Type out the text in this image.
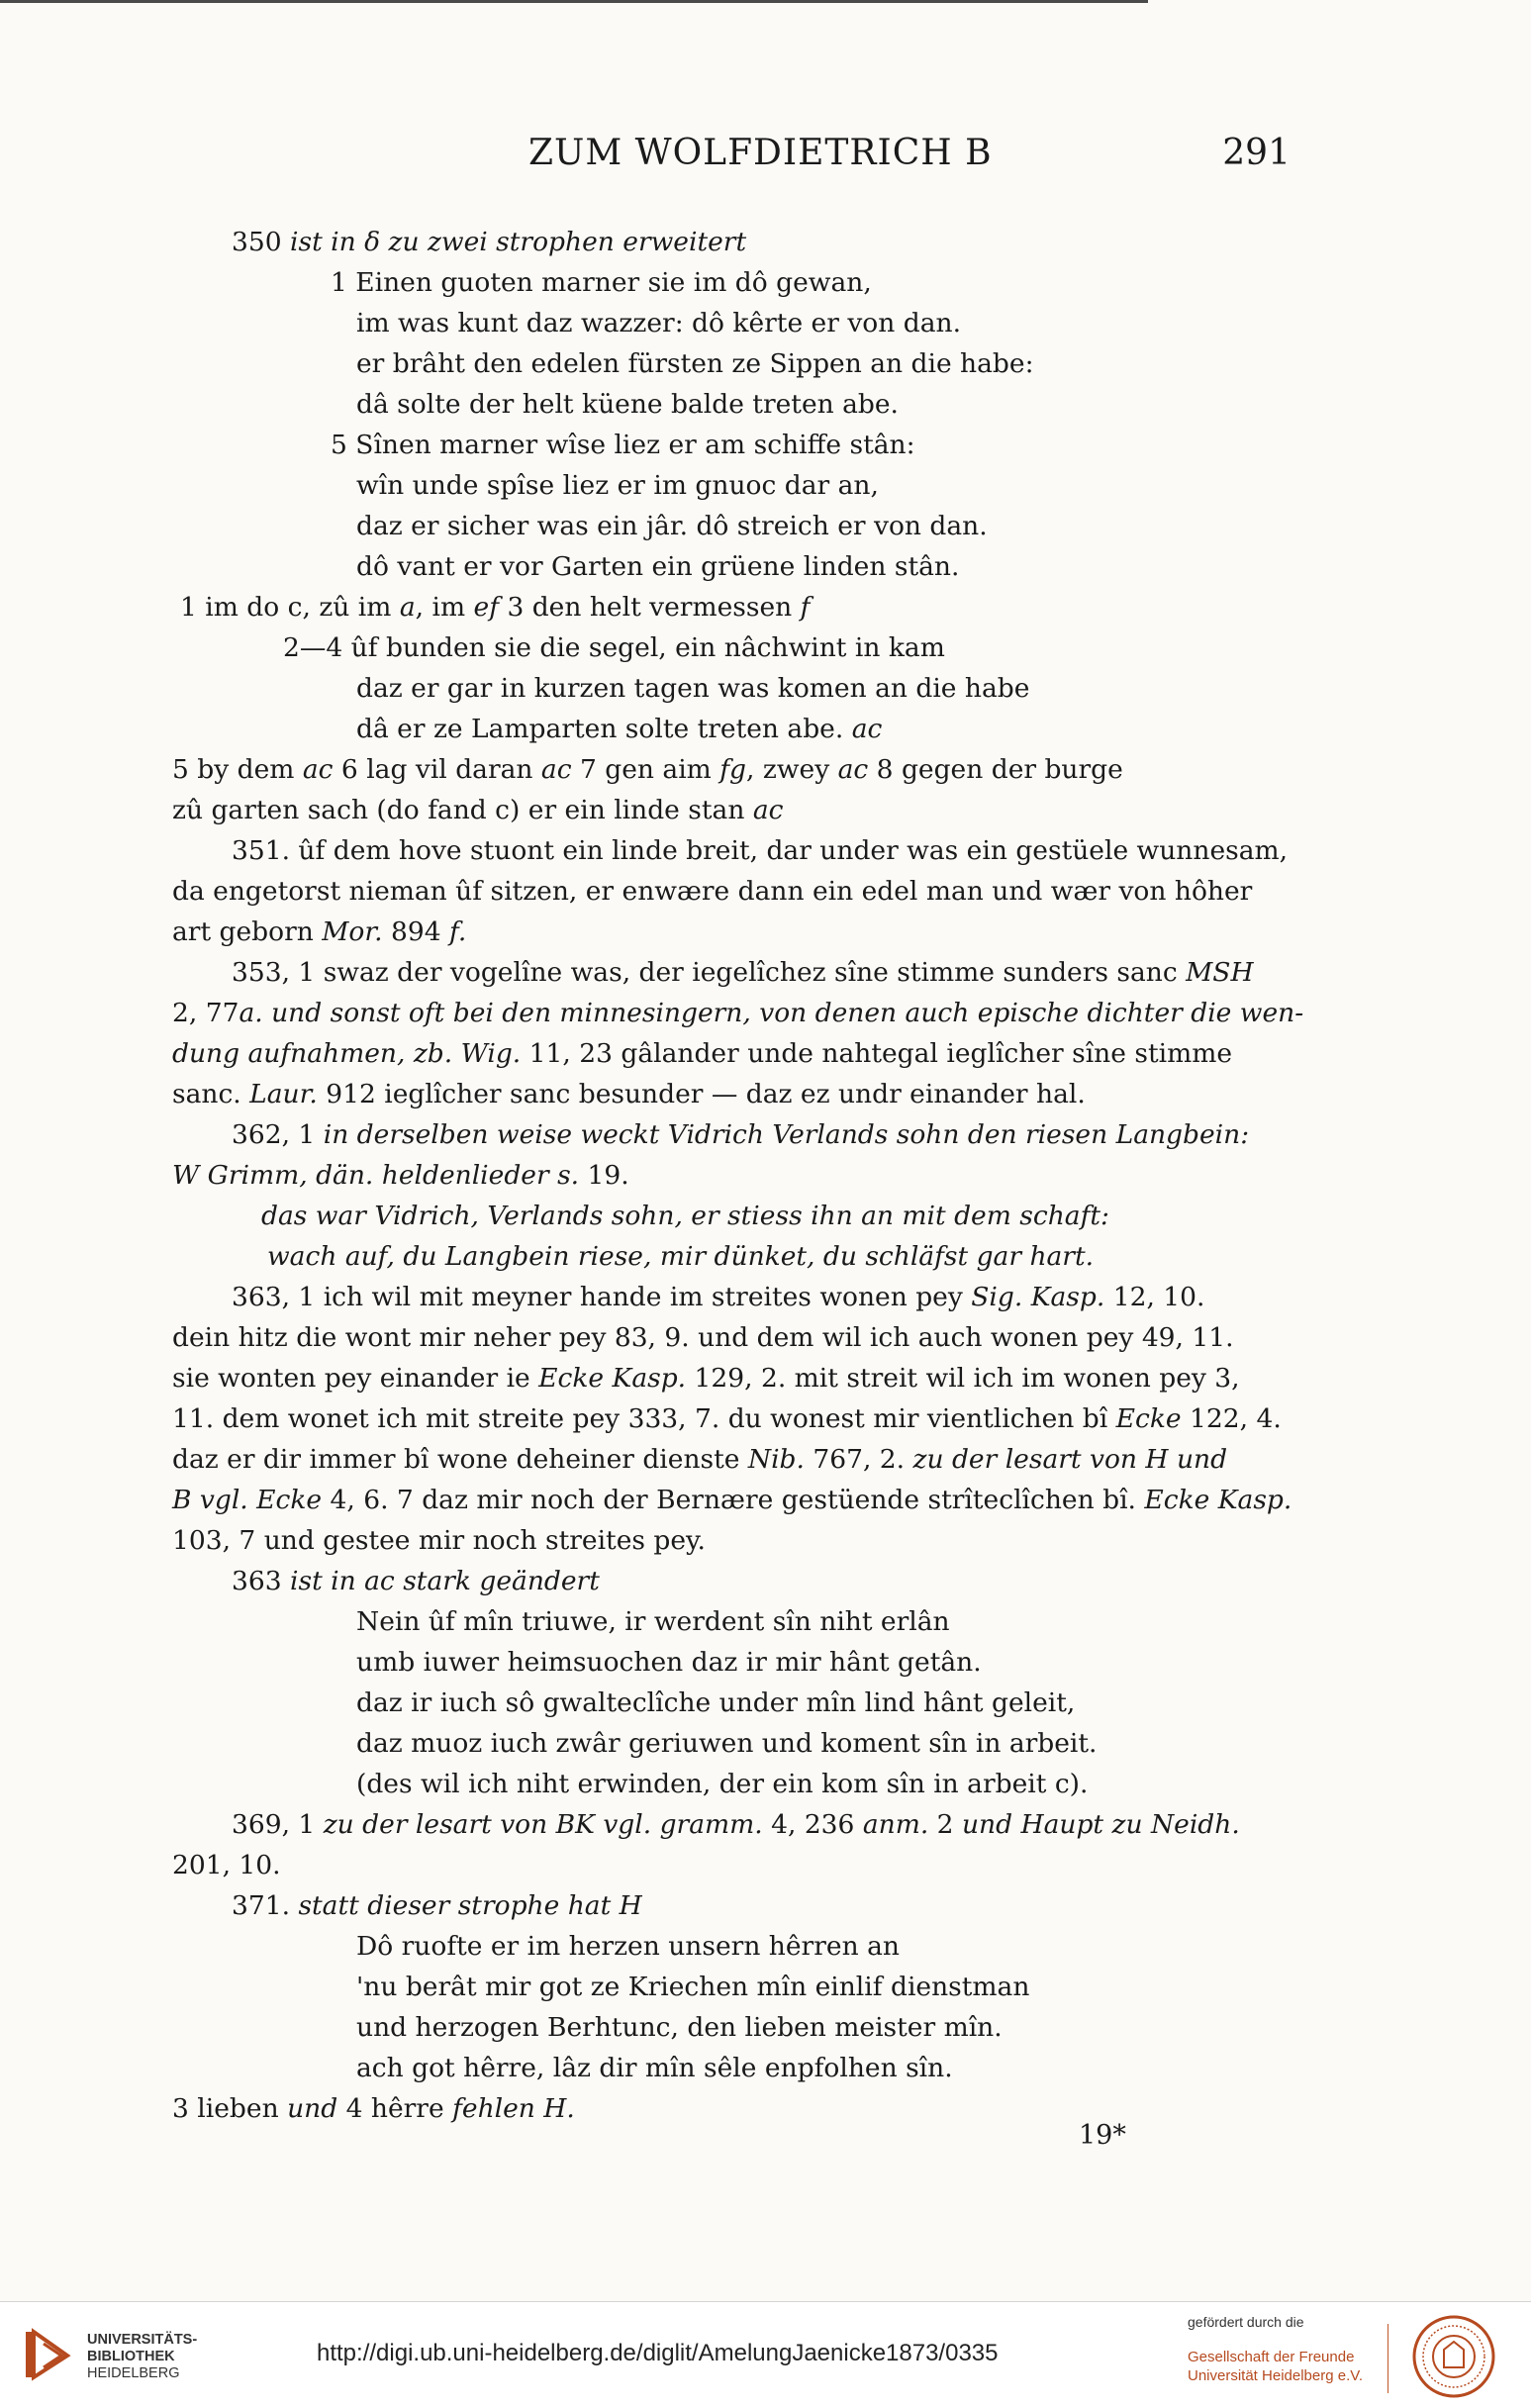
ZUM WOLFDIETRICH B	291
350 ist in δ zu zwei strophen erweitert
1 Einen guoten marner sie im dô gewan,
im was kunt daz wazzer: dô kêrte er von dan.
er brâht den edelen fürsten ze Sippen an die habe:
dâ solte der helt küene balde treten abe.
5 Sînen marner wîse liez er am schiffe stân:
wîn unde spîse liez er im gnuoc dar an,
daz er sicher was ein jâr. dô streich er von dan.
dô vant er vor Garten ein grüene linden stân.
1 im do c, zû im a, im ef 3 den helt vermessen f
2—4 ûf bunden sie die segel, ein nâchwint in kam
daz er gar in kurzen tagen was komen an die habe
dâ er ze Lamparten solte treten abe. ac
5 by dem ac 6 lag vil daran ac 7 gen aim fg, zwey ac 8 gegen der burge
zû garten sach (do fand c) er ein linde stan ac
351. ûf dem hove stuont ein linde breit, dar under was ein gestüele wunnesam,
da engetorst nieman ûf sitzen, er enwære dann ein edel man und wær von hôher
art geborn Mor. 894 f.
353, 1 swaz der vogelîne was, der iegelîchez sîne stimme sunders sanc MSH
2, 77a. und sonst oft bei den minnesingern, von denen auch epische dichter die wen-
dung aufnahmen, zb. Wig. 11, 23 gâlander unde nahtegal ieglîcher sîne stimme
sanc. Laur. 912 ieglîcher sanc besunder — daz ez undr einander hal.
362, 1 in derselben weise weckt Vidrich Verlands sohn den riesen Langbein:
W Grimm, dän. heldenlieder s. 19.
das war Vidrich, Verlands sohn, er stiess ihn an mit dem schaft:
wach auf, du Langbein riese, mir dünket, du schläfst gar hart.
363, 1 ich wil mit meyner hande im streites wonen pey Sig. Kasp. 12, 10.
dein hitz die wont mir neher pey 83, 9. und dem wil ich auch wonen pey 49, 11.
sie wonten pey einander ie Ecke Kasp. 129, 2. mit streit wil ich im wonen pey 3,
11. dem wonet ich mit streite pey 333, 7. du wonest mir vientlichen bî Ecke 122, 4.
daz er dir immer bî wone deheiner dienste Nib. 767, 2. zu der lesart von H und
B vgl. Ecke 4, 6. 7 daz mir noch der Bernære gestüende strîteclîchen bî. Ecke Kasp.
103, 7 und gestee mir noch streites pey.
363 ist in ac stark geändert
Nein ûf mîn triuwe, ir werdent sîn niht erlân
umb iuwer heimsuochen daz ir mir hânt getân.
daz ir iuch sô gwalteclîche under mîn lind hânt geleit,
daz muoz iuch zwâr geriuwen und koment sîn in arbeit.
(des wil ich niht erwinden, der ein kom sîn in arbeit c).
369, 1 zu der lesart von BK vgl. gramm. 4, 236 anm. 2 und Haupt zu Neidh.
201, 10.
371. statt dieser strophe hat H
Dô ruofte er im herzen unsern hêrren an
'nu berât mir got ze Kriechen mîn einlif dienstman
und herzogen Berhtunc, den lieben meister mîn.
ach got hêrre, lâz dir mîn sêle enpfolhen sîn.
3 lieben und 4 hêrre fehlen H.
19*
UNIVERSITÄTS-
BIBLIOTHEK
HEIDELBERG
http://digi.ub.uni-heidelberg.de/diglit/AmelungJaenicke1873/0335
gefördert durch die
Gesellschaft der Freunde
Universität Heidelberg e.V.
